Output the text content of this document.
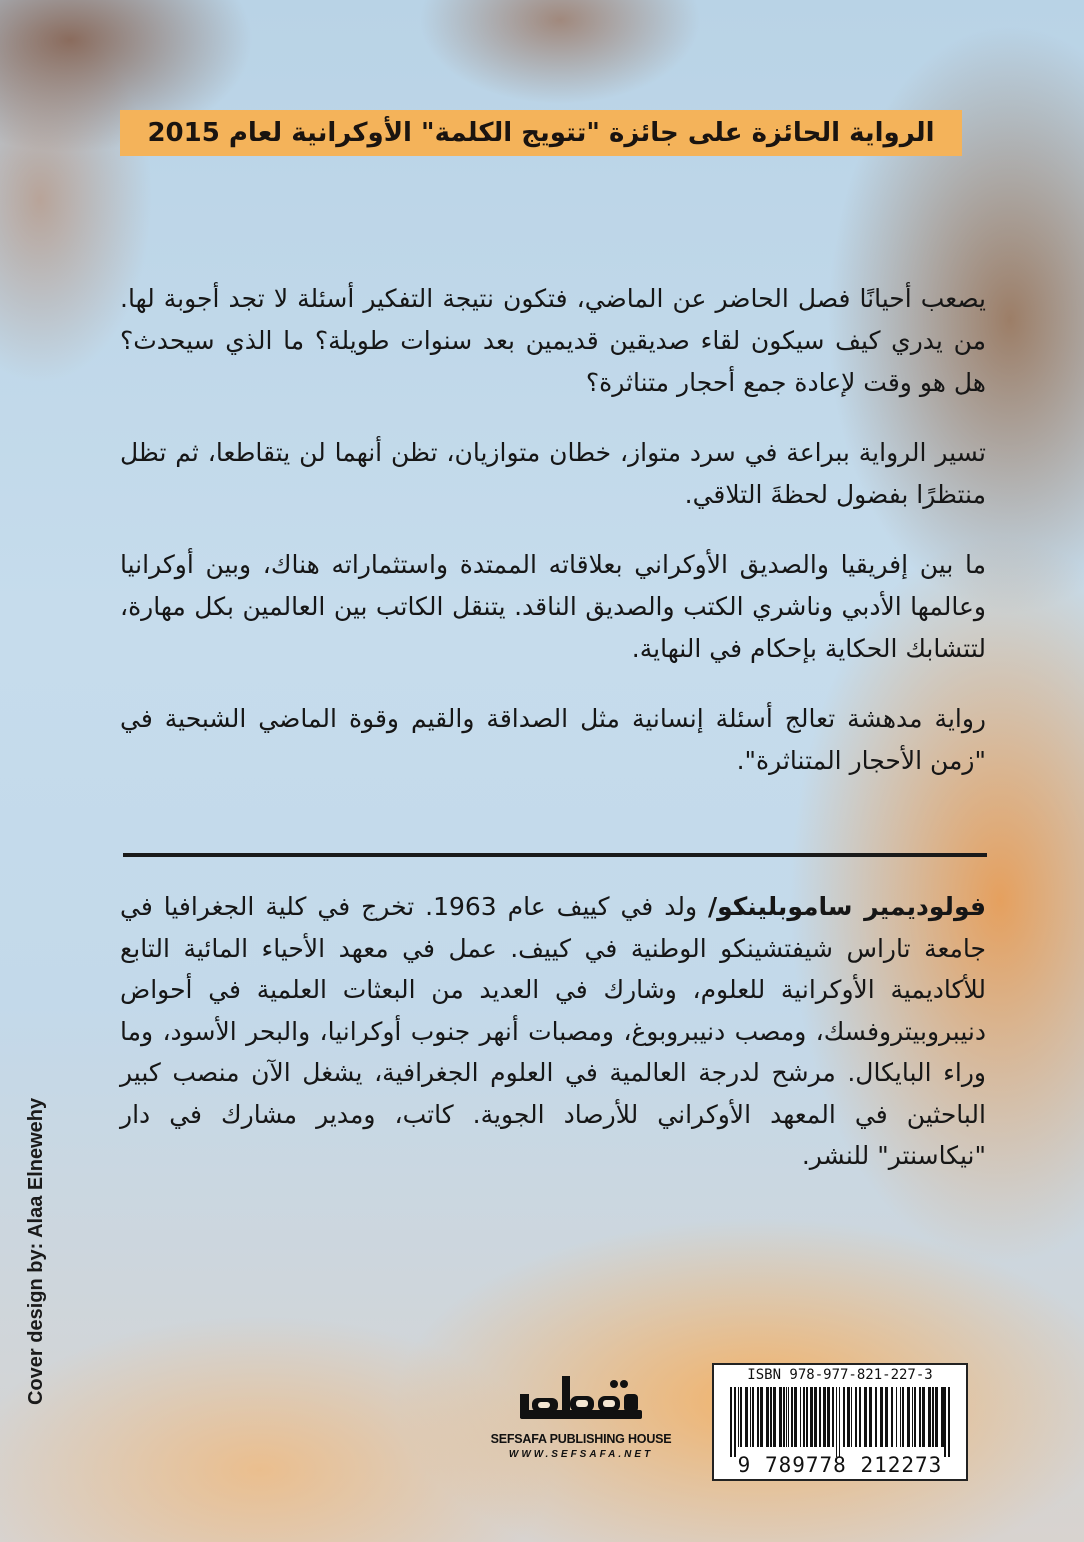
الرواية الحائزة على جائزة "تتويج الكلمة" الأوكرانية لعام 2015

يصعب أحيانًا فصل الحاضر عن الماضي، فتكون نتيجة التفكير أسئلة لا تجد أجوبة لها. من يدري كيف سيكون لقاء صديقين قديمين بعد سنوات طويلة؟ ما الذي سيحدث؟ هل هو وقت لإعادة جمع أحجار متناثرة؟

تسير الرواية ببراعة في سرد متواز، خطان متوازيان، تظن أنهما لن يتقاطعا، ثم تظل منتظرًا بفضول لحظةَ التلاقي.

ما بين إفريقيا والصديق الأوكراني بعلاقاته الممتدة واستثماراته هناك، وبين أوكرانيا وعالمها الأدبي وناشري الكتب والصديق الناقد. يتنقل الكاتب بين العالمين بكل مهارة، لتتشابك الحكاية بإحكام في النهاية.

رواية مدهشة تعالج أسئلة إنسانية مثل الصداقة والقيم وقوة الماضي الشبحية في "زمن الأحجار المتناثرة".

فولوديمير ساموبلينكو/ ولد في كييف عام 1963. تخرج في كلية الجغرافيا في جامعة تاراس شيفتشينكو الوطنية في كييف. عمل في معهد الأحياء المائية التابع للأكاديمية الأوكرانية للعلوم، وشارك في العديد من البعثات العلمية في أحواض دنيبروبيتروفسك، ومصب دنيبروبوغ، ومصبات أنهر جنوب أوكرانيا، والبحر الأسود، وما وراء البايكال. مرشح لدرجة العالمية في العلوم الجغرافية، يشغل الآن منصب كبير الباحثين في المعهد الأوكراني للأرصاد الجوية. كاتب، ومدير مشارك في دار "نيكاسنتر" للنشر.

Cover design by: Alaa Elnewehy
SEFSAFA PUBLISHING HOUSE
WWW.SEFSAFA.NET
ISBN 978-977-821-227-3
9 789778 212273
